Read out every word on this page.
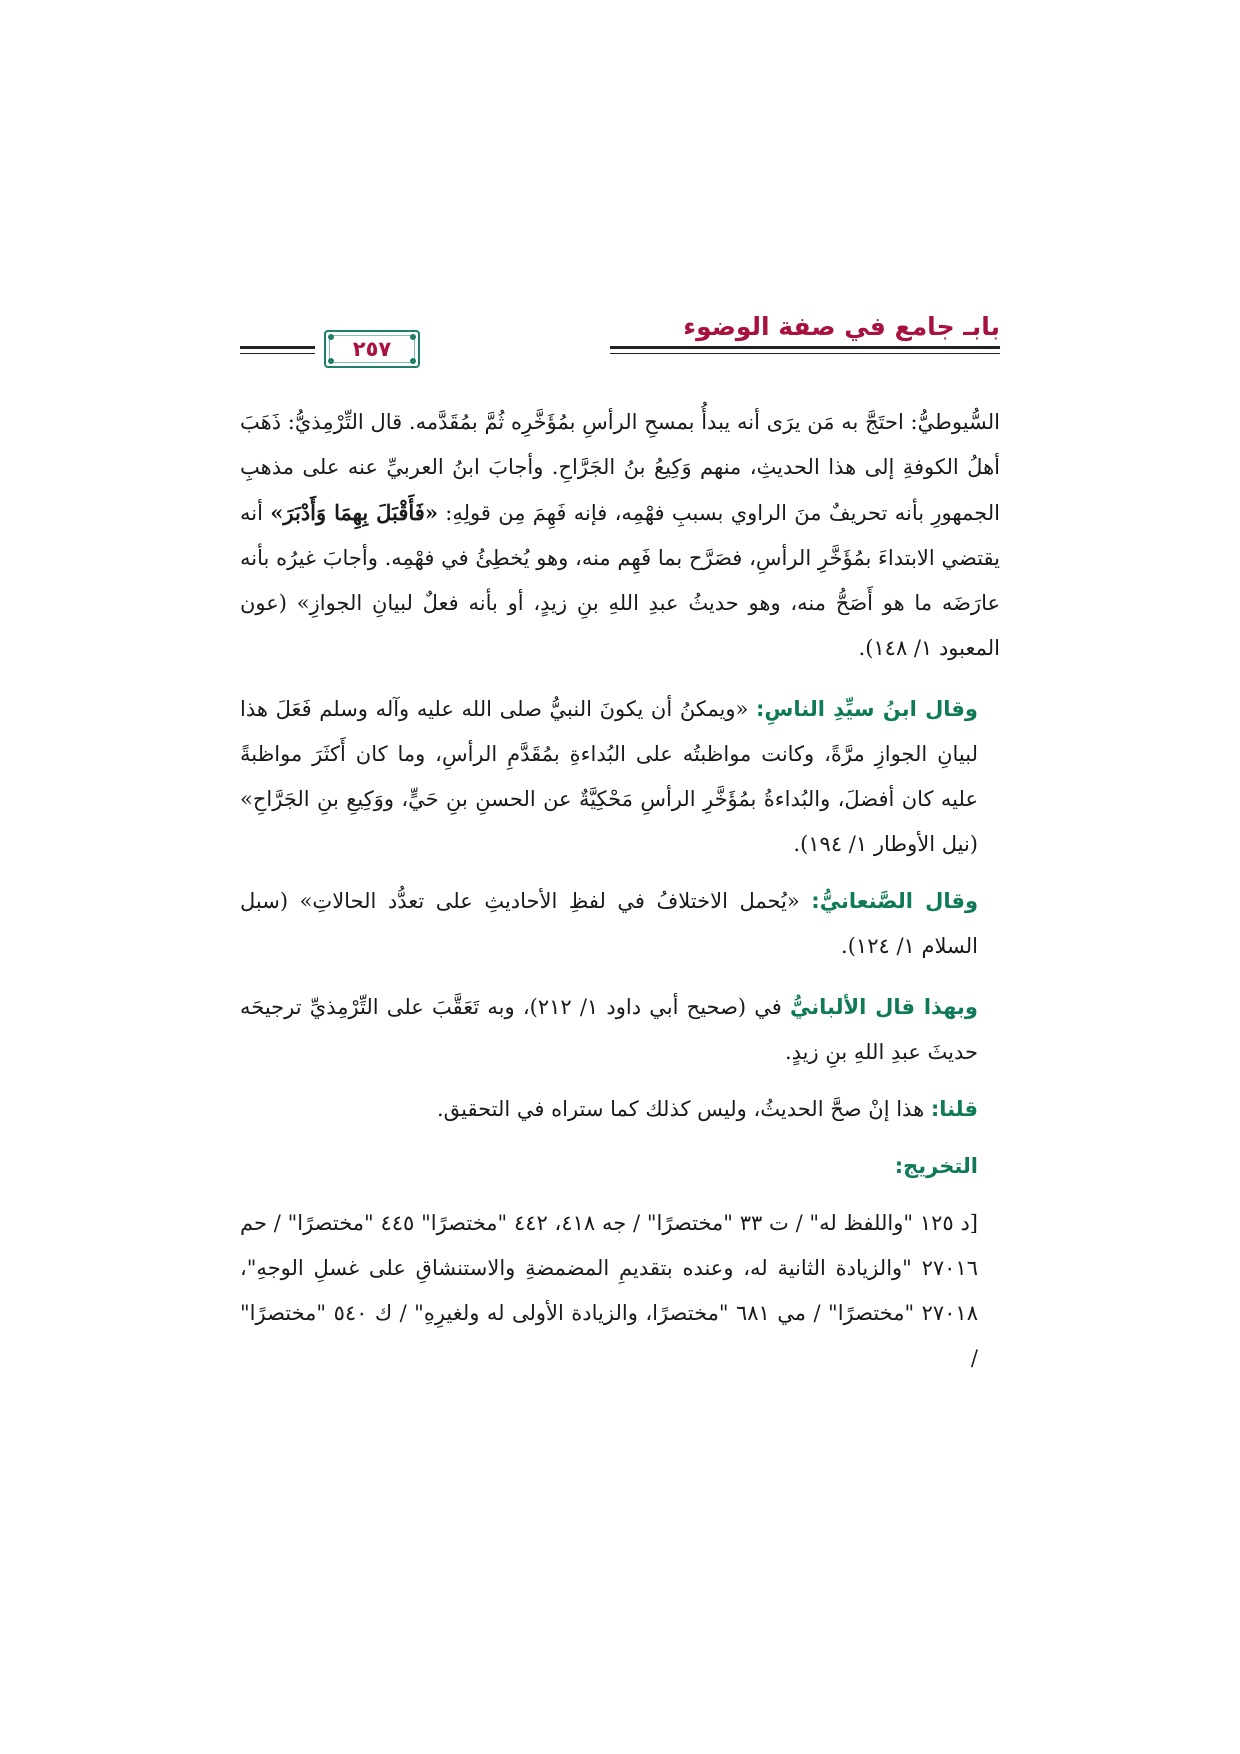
بابـ جامع في صفة الوضوء
٢٥٧

السُّيوطيُّ: احتَجَّ به مَن يرَى أنه يبدأُ بمسحِ الرأسِ بمُؤَخَّرِه ثُمَّ بمُقَدَّمه. قال التِّرْمِذيُّ: ذَهَبَ أهلُ الكوفةِ إلى هذا الحديثِ، منهم وَكِيعُ بنُ الجَرَّاحِ. وأجابَ ابنُ العربيِّ عنه على مذهبِ الجمهورِ بأنه تحريفٌ منَ الراوي بسببِ فهْمِه، فإنه فَهِمَ مِن قولِهِ: «فَأَقْبَلَ بِهِمَا وَأَدْبَرَ» أنه يقتضي الابتداءَ بمُؤَخَّرِ الرأسِ، فصَرَّح بما فَهِم منه، وهو يُخطِئُ في فهْمِه. وأجابَ غيرُه بأنه عارَضَه ما هو أَصَحُّ منه، وهو حديثُ عبدِ اللهِ بنِ زيدٍ، أو بأنه فعلٌ لبيانِ الجوازِ» (عون المعبود ١/ ١٤٨).

وقال ابنُ سيِّدِ الناسِ: «ويمكنُ أن يكونَ النبيُّ صلى الله عليه وآله وسلم فَعَلَ هذا لبيانِ الجوازِ مرَّةً، وكانت مواظبتُه على البُداءةِ بمُقَدَّمِ الرأسِ، وما كان أَكثَرَ مواظبةً عليه كان أفضلَ، والبُداءةُ بمُؤَخَّرِ الرأسِ مَحْكِيَّةٌ عن الحسنِ بنِ حَيٍّ، ووَكِيعِ بنِ الجَرَّاحِ» (نيل الأوطار ١/ ١٩٤).

وقال الصَّنعانيُّ: «يُحمل الاختلافُ في لفظِ الأحاديثِ على تعدُّد الحالاتِ» (سبل السلام ١/ ١٢٤).

وبهذا قال الألبانيُّ في (صحيح أبي داود ١/ ٢١٢)، وبه تَعَقَّبَ على التِّرْمِذيِّ ترجيحَه حديثَ عبدِ اللهِ بنِ زيدٍ.

قلنا: هذا إنْ صحَّ الحديثُ، وليس كذلك كما ستراه في التحقيق.

التخريج:

[د ١٢٥ "واللفظ له" / ت ٣٣ "مختصرًا" / جه ٤١٨، ٤٤٢ "مختصرًا" ٤٤٥ "مختصرًا" / حم ٢٧٠١٦ "والزيادة الثانية له، وعنده بتقديمِ المضمضةِ والاستنشاقِ على غسلِ الوجهِ"، ٢٧٠١٨ "مختصرًا" / مي ٦٨١ "مختصرًا، والزيادة الأولى له ولغيرِهِ" / ك ٥٤٠ "مختصرًا" /
